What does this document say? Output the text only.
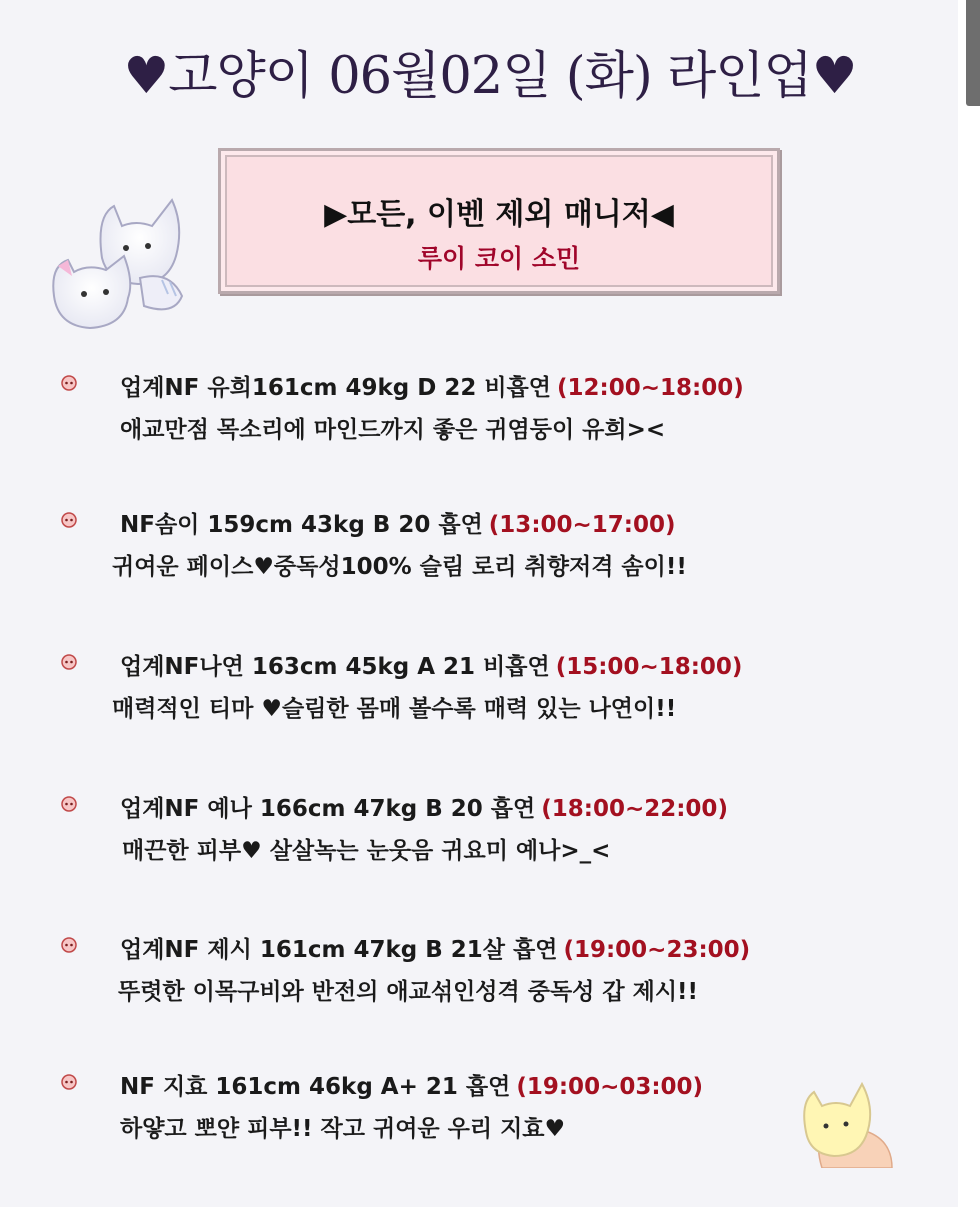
♥고양이 06월02일 (화) 라인업♥
▶모든, 이벤 제외 매니저◀
루이 코이 소민
업계NF 유희161cm 49kg D 22 비흡연 (12:00~18:00)
애교만점 목소리에 마인드까지 좋은 귀염둥이 유희><
NF솜이 159cm 43kg B 20 흡연 (13:00~17:00)
귀여운 페이스♥중독성100% 슬림 로리 취향저격 솜이!!
업계NF나연 163cm 45kg A 21 비흡연 (15:00~18:00)
매력적인 티마 ♥슬림한 몸매 볼수록 매력 있는 나연이!!
업계NF 예나 166cm 47kg B 20 흡연 (18:00~22:00)
매끈한 피부♥ 살살녹는 눈웃음 귀요미 예나>_<
업계NF 제시 161cm 47kg B 21살 흡연 (19:00~23:00)
뚜렷한 이목구비와 반전의 애교섞인성격 중독성 갑 제시!!
NF 지효 161cm 46kg A+ 21 흡연 (19:00~03:00)
하얗고 뽀얀 피부!! 작고 귀여운 우리 지효♥
